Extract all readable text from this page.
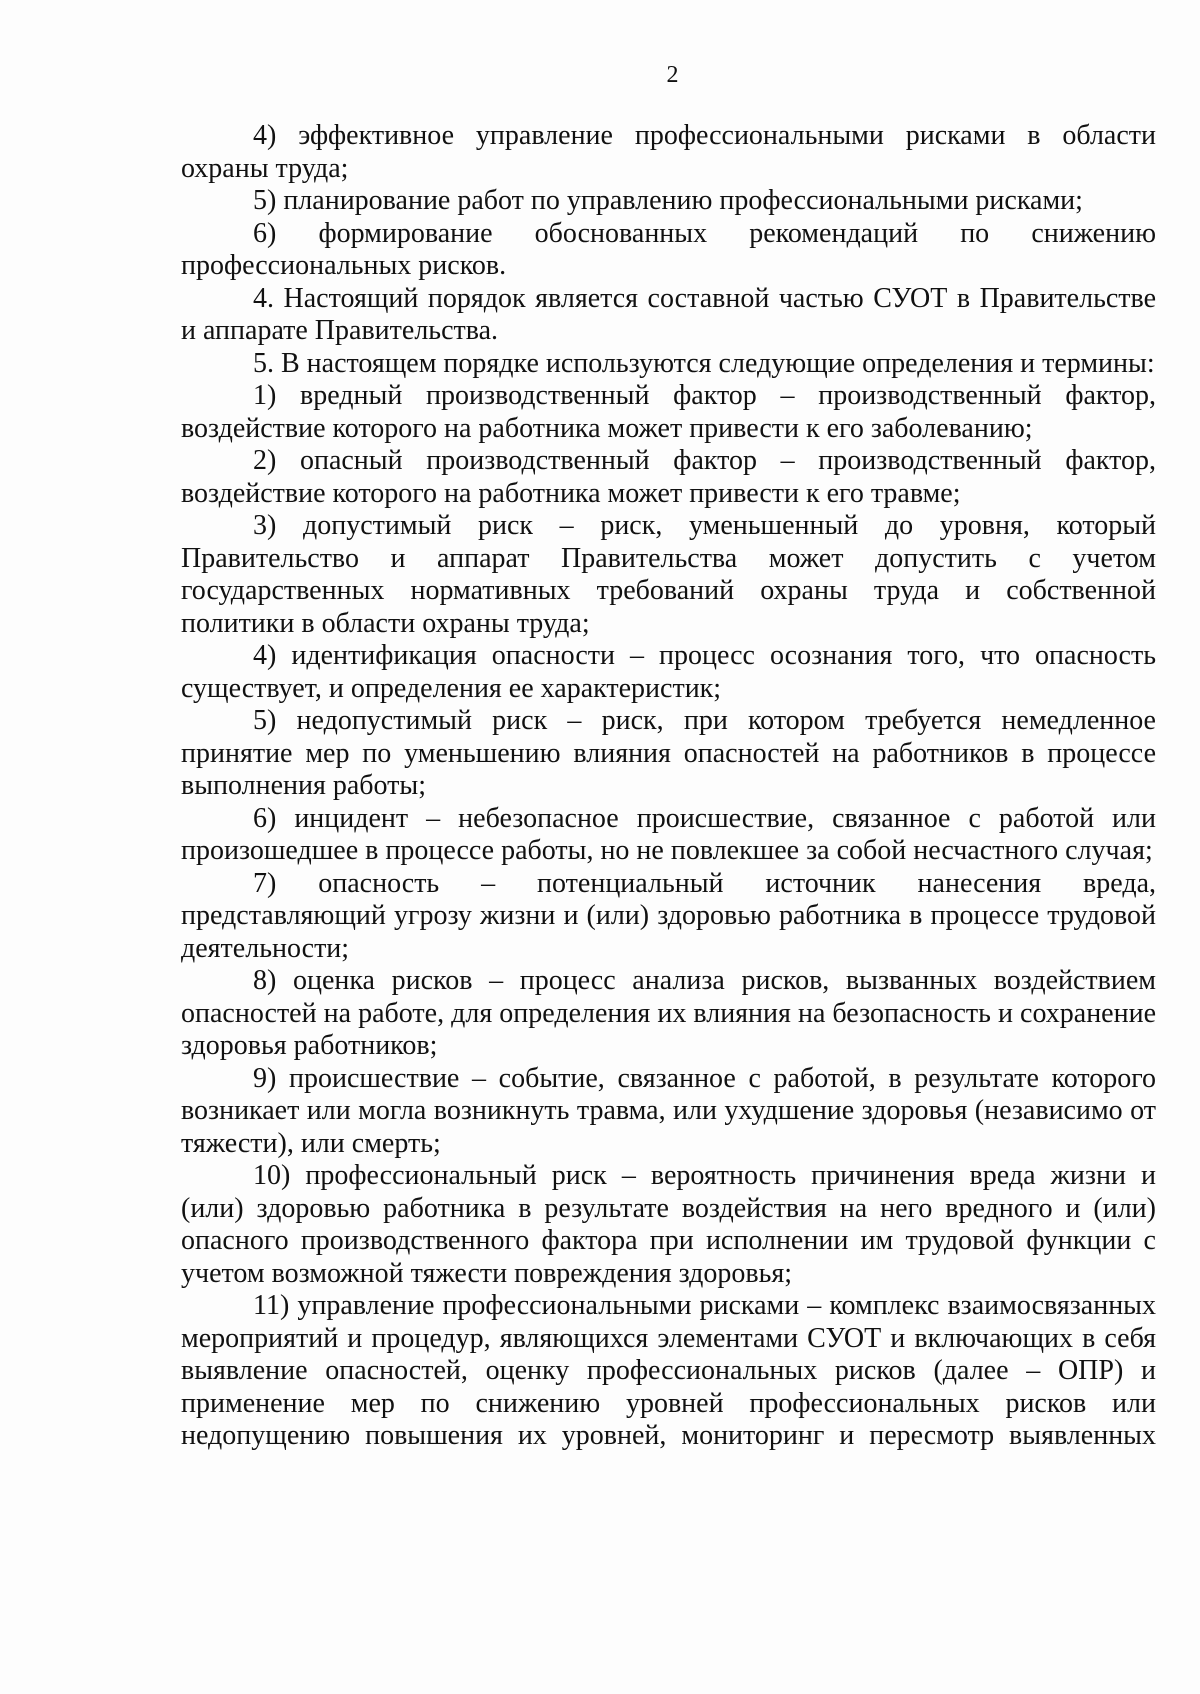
2

4) эффективное управление профессиональными рисками в области охраны труда;

5) планирование работ по управлению профессиональными рисками;

6) формирование обоснованных рекомендаций по снижению профессиональных рисков.

4. Настоящий порядок является составной частью СУОТ в Правительстве и аппарате Правительства.

5. В настоящем порядке используются следующие определения и термины:

1) вредный производственный фактор – производственный фактор, воздействие которого на работника может привести к его заболеванию;

2) опасный производственный фактор – производственный фактор, воздействие которого на работника может привести к его травме;

3) допустимый риск – риск, уменьшенный до уровня, который Правительство и аппарат Правительства может допустить с учетом государственных нормативных требований охраны труда и собственной политики в области охраны труда;

4) идентификация опасности – процесс осознания того, что опасность существует, и определения ее характеристик;

5) недопустимый риск – риск, при котором требуется немедленное принятие мер по уменьшению влияния опасностей на работников в процессе выполнения работы;

6) инцидент – небезопасное происшествие, связанное с работой или произошедшее в процессе работы, но не повлекшее за собой несчастного случая;

7) опасность – потенциальный источник нанесения вреда, представляющий угрозу жизни и (или) здоровью работника в процессе трудовой деятельности;

8) оценка рисков – процесс анализа рисков, вызванных воздействием опасностей на работе, для определения их влияния на безопасность и сохранение здоровья работников;

9) происшествие – событие, связанное с работой, в результате которого возникает или могла возникнуть травма, или ухудшение здоровья (независимо от тяжести), или смерть;

10) профессиональный риск – вероятность причинения вреда жизни и (или) здоровью работника в результате воздействия на него вредного и (или) опасного производственного фактора при исполнении им трудовой функции с учетом возможной тяжести повреждения здоровья;

11) управление профессиональными рисками – комплекс взаимосвязанных мероприятий и процедур, являющихся элементами СУОТ и включающих в себя выявление опасностей, оценку профессиональных рисков (далее – ОПР) и применение мер по снижению уровней профессиональных рисков или недопущению повышения их уровней, мониторинг и пересмотр выявленных
